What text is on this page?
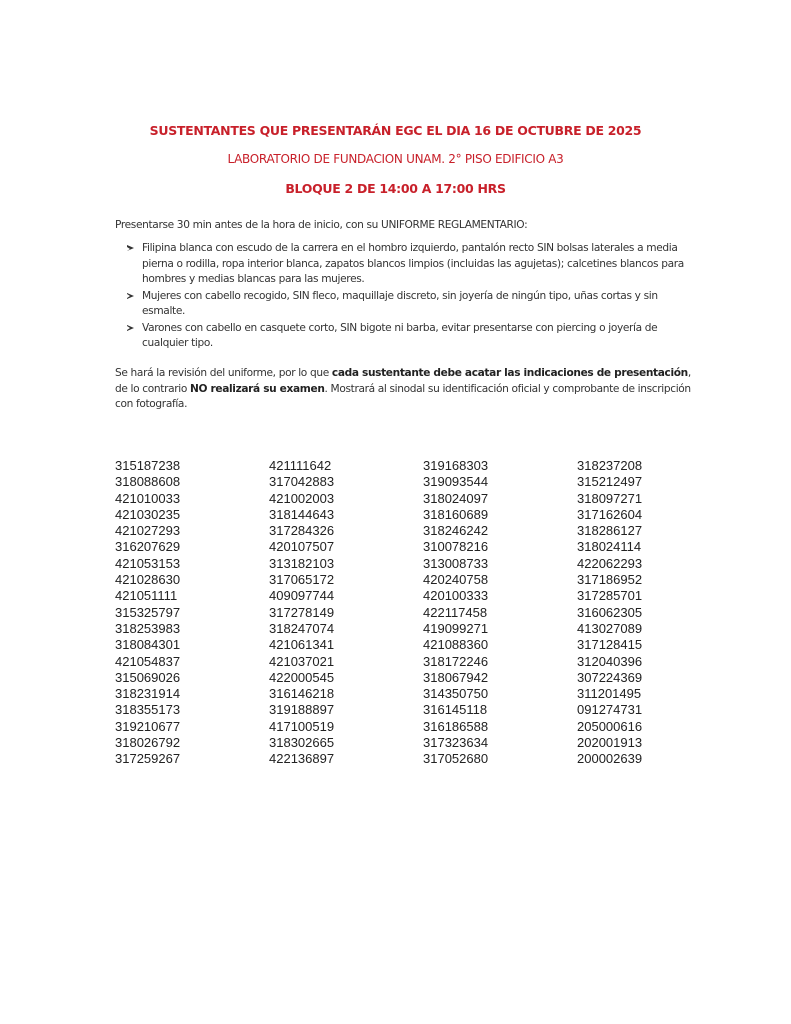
SUSTENTANTES QUE PRESENTARÁN EGC EL DIA 16 DE OCTUBRE DE 2025
LABORATORIO DE FUNDACION UNAM. 2° PISO EDIFICIO A3
BLOQUE 2 DE 14:00 A 17:00 HRS
Presentarse 30 min antes de la hora de inicio, con su UNIFORME REGLAMENTARIO:
Filipina blanca con escudo de la carrera en el hombro izquierdo, pantalón recto SIN bolsas laterales a media pierna o rodilla, ropa interior blanca, zapatos blancos limpios (incluidas las agujetas); calcetines blancos para hombres y medias blancas para las mujeres.
Mujeres con cabello recogido, SIN fleco, maquillaje discreto, sin joyería de ningún tipo, uñas cortas y sin esmalte.
Varones con cabello en casquete corto, SIN bigote ni barba, evitar presentarse con piercing o joyería de cualquier tipo.
Se hará la revisión del uniforme, por lo que cada sustentante debe acatar las indicaciones de presentación, de lo contrario NO realizará su examen. Mostrará al sinodal su identificación oficial y comprobante de inscripción con fotografía.
315187238	421111642	319168303	318237208
318088608	317042883	319093544	315212497
421010033	421002003	318024097	318097271
421030235	318144643	318160689	317162604
421027293	317284326	318246242	318286127
316207629	420107507	310078216	318024114
421053153	313182103	313008733	422062293
421028630	317065172	420240758	317186952
421051111	409097744	420100333	317285701
315325797	317278149	422117458	316062305
318253983	318247074	419099271	413027089
318084301	421061341	421088360	317128415
421054837	421037021	318172246	312040396
315069026	422000545	318067942	307224369
318231914	316146218	314350750	311201495
318355173	319188897	316145118	091274731
319210677	417100519	316186588	205000616
318026792	318302665	317323634	202001913
317259267	422136897	317052680	200002639
